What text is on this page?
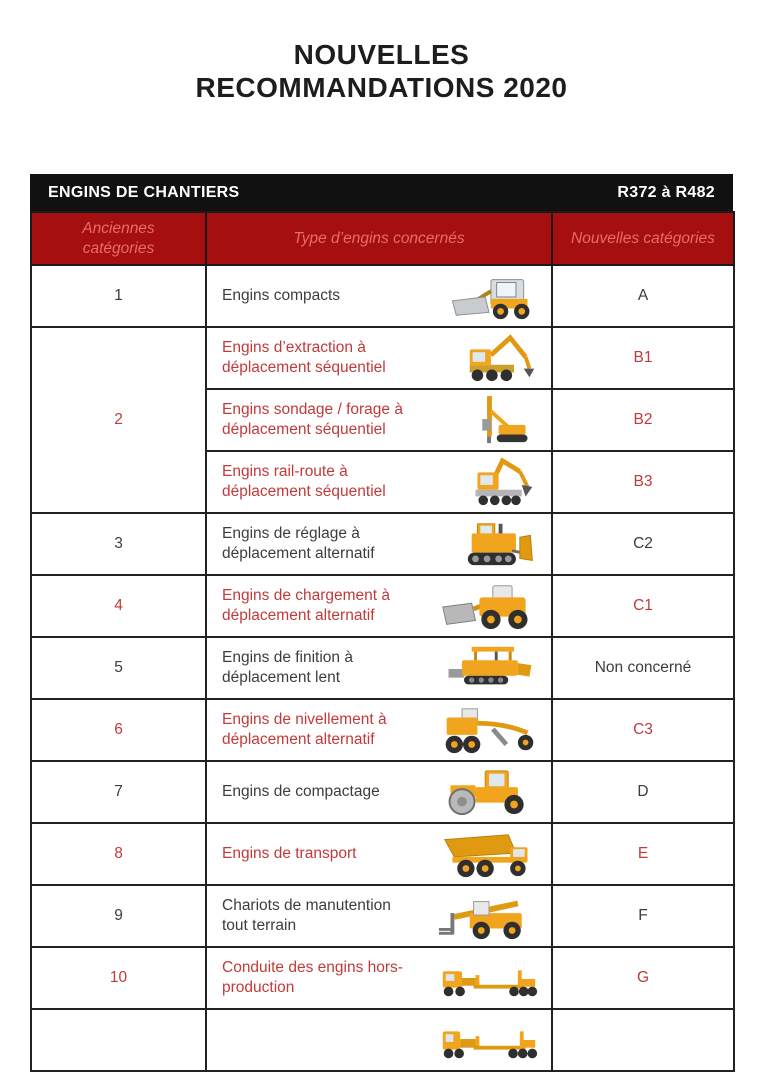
NOUVELLES
RECOMMANDATIONS 2020
ENGINS DE CHANTIERS	R372 à R482
Anciennes catégories	Type d’engins concernés	Nouvelles catégories
1	Engins compacts	A
2	Engins d’extraction à déplacement séquentiel	B1

	Engins sondage / forage à déplacement séquentiel	B2

	Engins rail-route à déplacement séquentiel	B3
3	Engins de réglage à déplacement alternatif	C2
4	Engins de chargement à déplacement alternatif	C1
5	Engins de finition à déplacement lent	Non concerné
6	Engins de nivellement à déplacement alternatif	C3
7	Engins de compactage	D
8	Engins de transport	E
9	Chariots de manutention tout terrain	F
10	Conduite des engins hors-production	G
